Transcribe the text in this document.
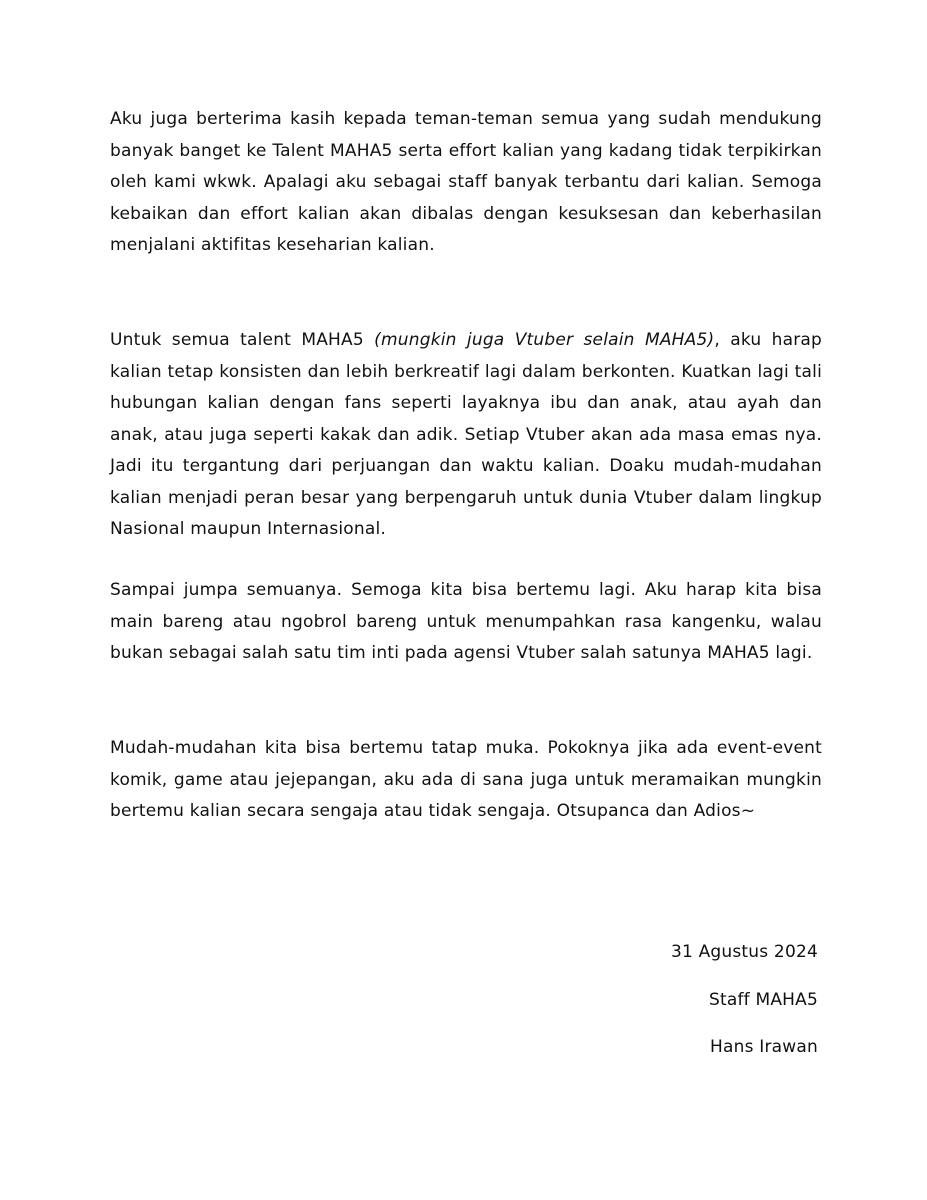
Aku juga berterima kasih kepada teman-teman semua yang sudah mendukung banyak banget ke Talent MAHA5 serta effort kalian yang kadang tidak terpikirkan oleh kami wkwk. Apalagi aku sebagai staff banyak terbantu dari kalian. Semoga kebaikan dan effort kalian akan dibalas dengan kesuksesan dan keberhasilan menjalani aktifitas keseharian kalian.

Untuk semua talent MAHA5 (mungkin juga Vtuber selain MAHA5), aku harap kalian tetap konsisten dan lebih berkreatif lagi dalam berkonten. Kuatkan lagi tali hubungan kalian dengan fans seperti layaknya ibu dan anak, atau ayah dan anak, atau juga seperti kakak dan adik. Setiap Vtuber akan ada masa emas nya. Jadi itu tergantung dari perjuangan dan waktu kalian. Doaku mudah-mudahan kalian menjadi peran besar yang berpengaruh untuk dunia Vtuber dalam lingkup Nasional maupun Internasional.

Sampai jumpa semuanya. Semoga kita bisa bertemu lagi. Aku harap kita bisa main bareng atau ngobrol bareng untuk menumpahkan rasa kangenku, walau bukan sebagai salah satu tim inti pada agensi Vtuber salah satunya MAHA5 lagi.

Mudah-mudahan kita bisa bertemu tatap muka. Pokoknya jika ada event-event komik, game atau jejepangan, aku ada di sana juga untuk meramaikan mungkin bertemu kalian secara sengaja atau tidak sengaja. Otsupanca dan Adios~

31 Agustus 2024

Staff MAHA5

Hans Irawan
